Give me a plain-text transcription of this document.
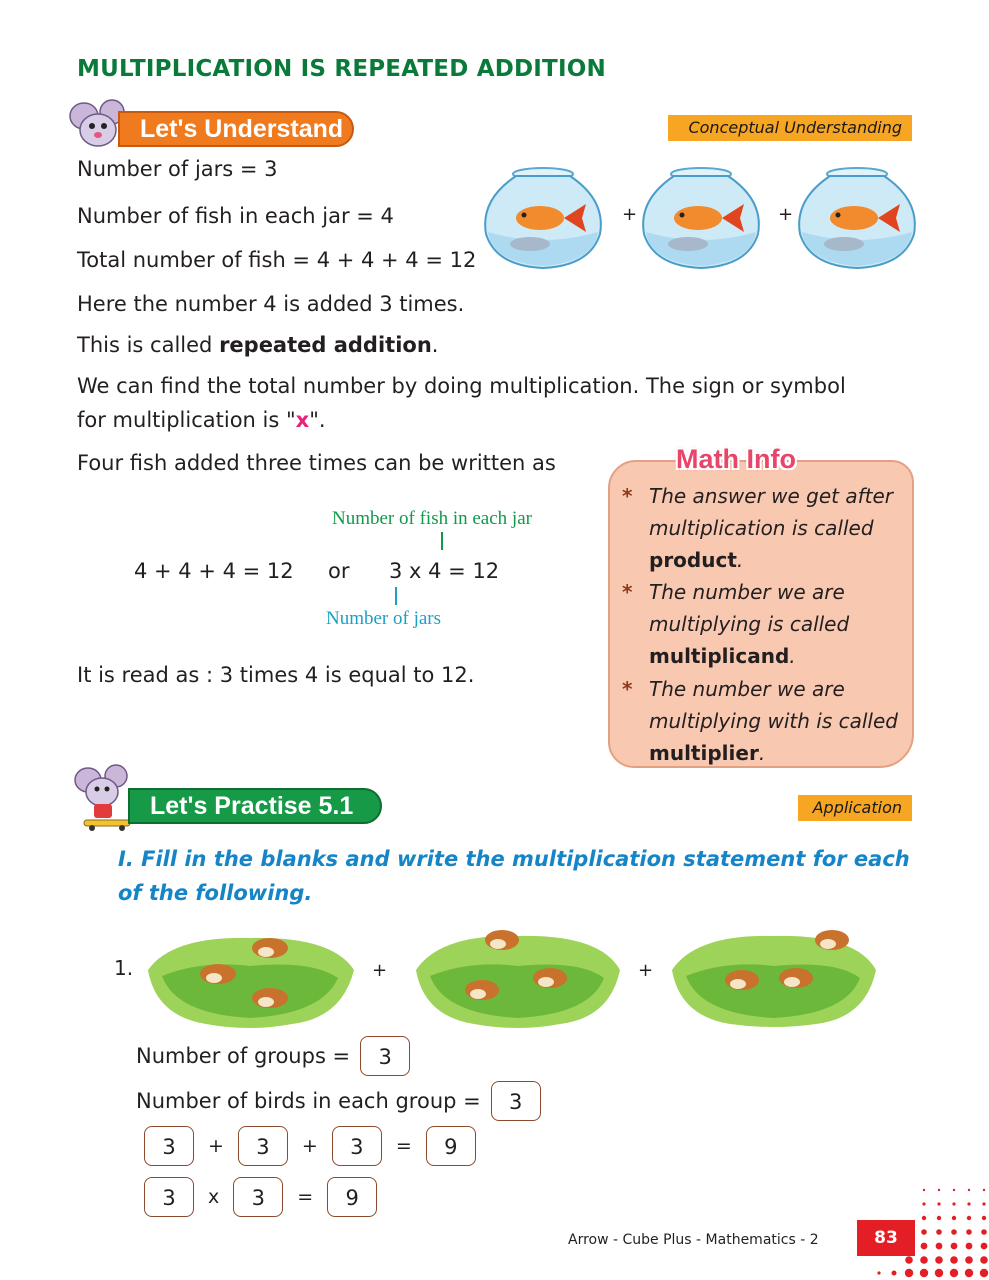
MULTIPLICATION IS REPEATED ADDITION
Let's Understand	Conceptual Understanding
Number of jars = 3
Number of fish in each jar = 4
Total number of fish = 4 + 4 + 4 = 12
Here the number 4 is added 3 times.
This is called repeated addition.
We can find the total number by doing multiplication. The sign or symbol
for multiplication is "x".
Four fish added three times can be written as
+	+
Number of fish in each jar
4 + 4 + 4 = 12 or 3 x 4 = 12
Number of jars
It is read as : 3 times 4 is equal to 12.
Math Info
* The answer we get after multiplication is called product.
* The number we are multiplying is called multiplicand.
* The number we are multiplying with is called multiplier.
Let's Practise 5.1	Application
I. Fill in the blanks and write the multiplication statement for each of the following.
1.	+	+
Number of groups =	3
Number of birds in each group =	3
3	+	3	+	3	=	9
3	x	3	=	9
Arrow - Cube Plus - Mathematics - 2	83
